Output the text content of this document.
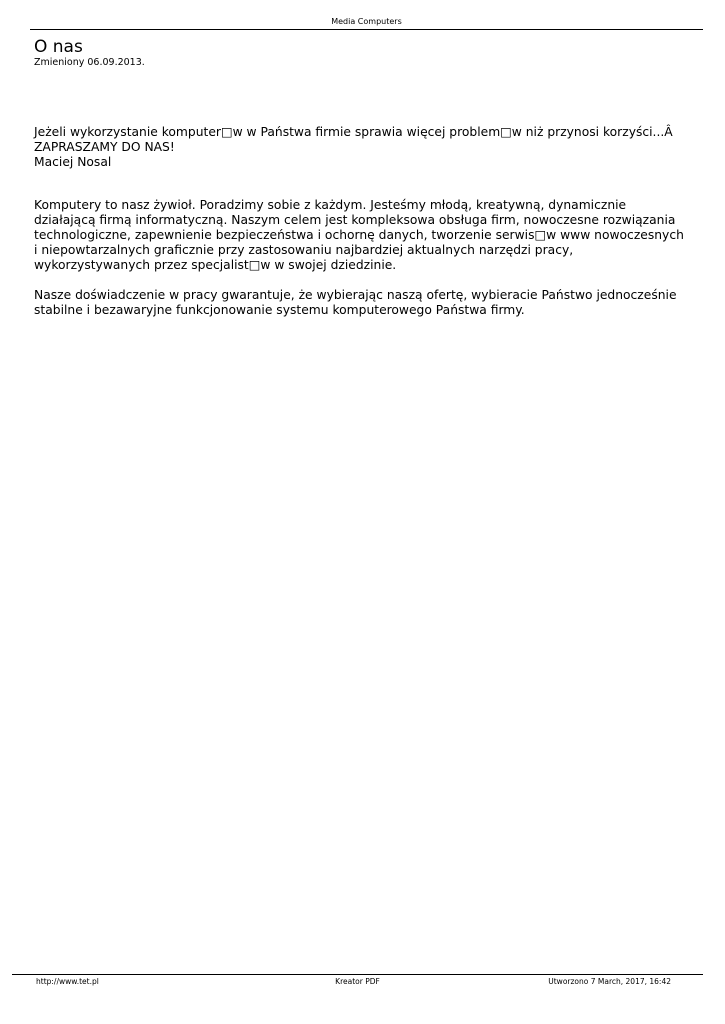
Media Computers
O nas

Zmieniony 06.09.2013.

Jeżeli wykorzystanie komputer□w w Państwa firmie sprawia więcej problem□w niż przynosi korzyści...Â ZAPRASZAMY DO NAS!

Maciej Nosal

Komputery to nasz żywioł. Poradzimy sobie z każdym. Jesteśmy młodą, kreatywną, dynamicznie działającą firmą informatyczną. Naszym celem jest kompleksowa obsługa firm, nowoczesne rozwiązania technologiczne, zapewnienie bezpieczeństwa i ochornę danych, tworzenie serwis□w www nowoczesnych i niepowtarzalnych graficznie przy zastosowaniu najbardziej aktualnych narzędzi pracy, wykorzystywanych przez specjalist□w w swojej dziedzinie.

Nasze doświadczenie w pracy gwarantuje, że wybierając naszą ofertę, wybieracie Państwo jednocześnie stabilne i bezawaryjne funkcjonowanie systemu komputerowego Państwa firmy.

http://www.tet.pl	Kreator PDF	Utworzono 7 March, 2017, 16:42
